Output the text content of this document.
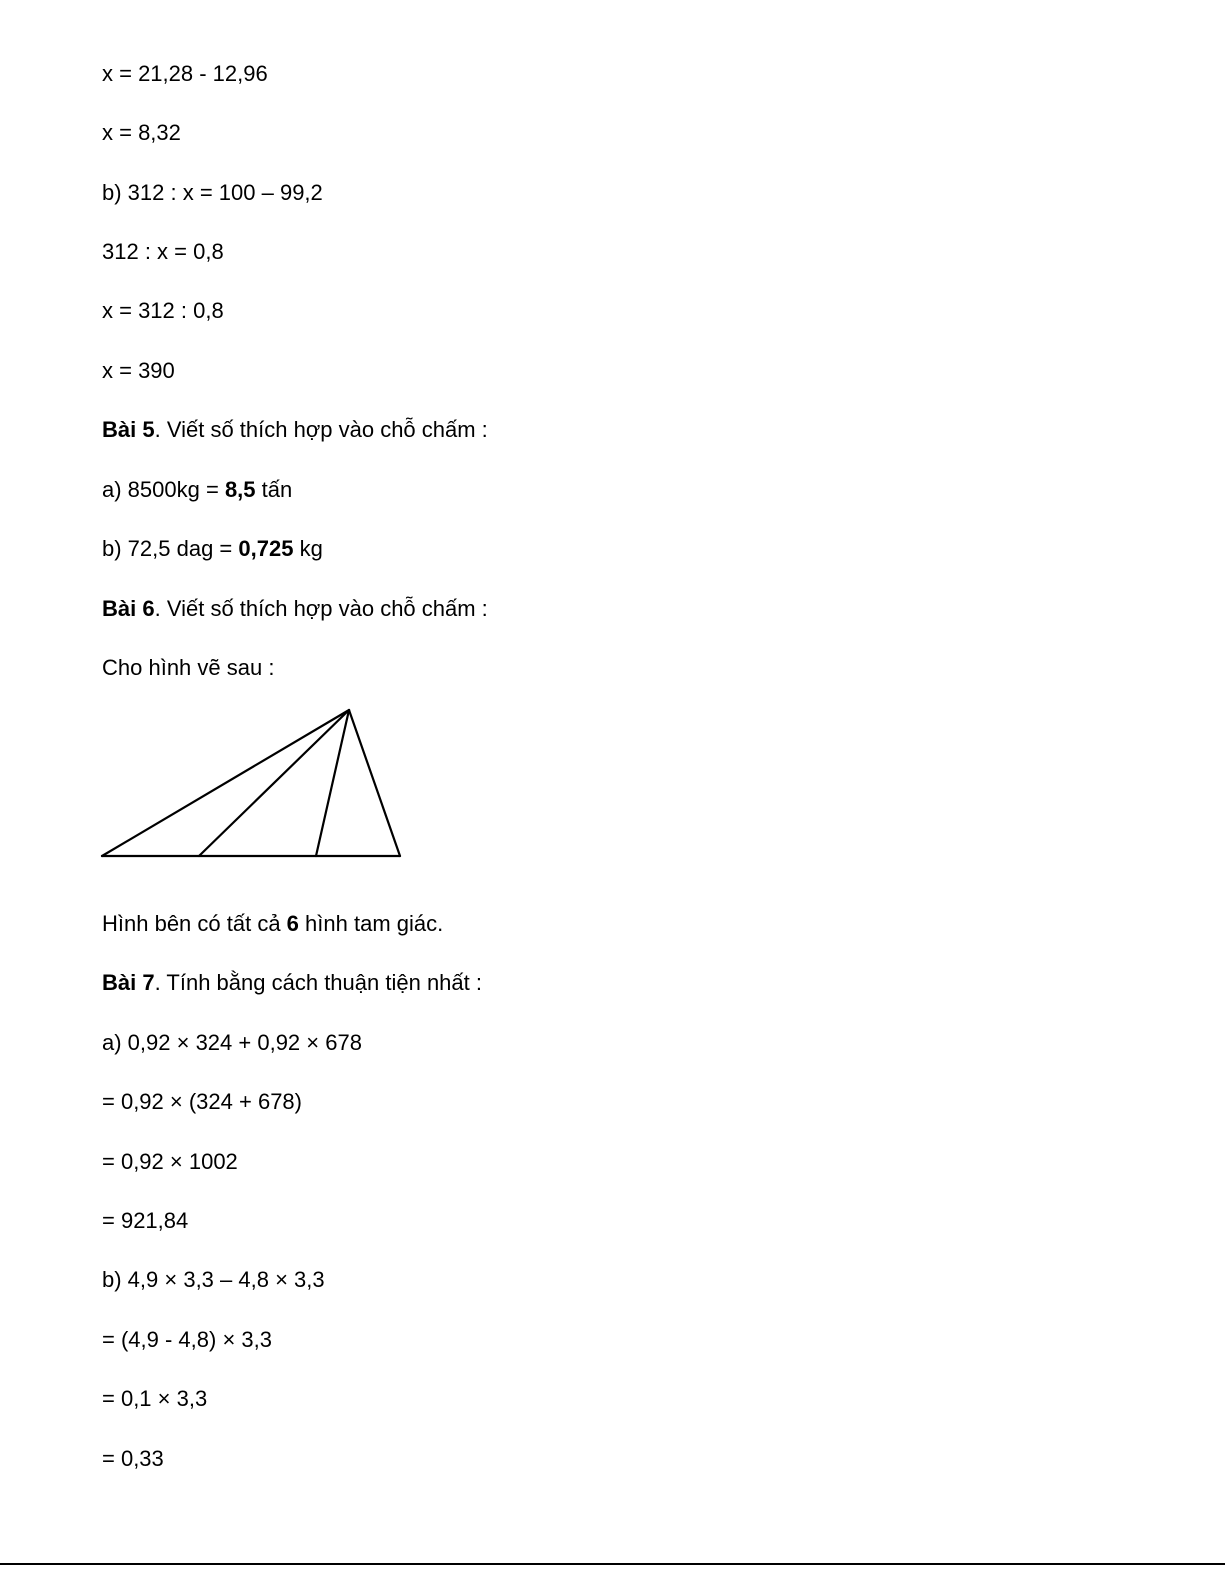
x = 21,28 - 12,96
x = 8,32
b) 312 : x = 100 – 99,2
312 : x = 0,8
x = 312 : 0,8
x = 390
Bài 5. Viết số thích hợp vào chỗ chấm :
a) 8500kg = 8,5 tấn
b) 72,5 dag = 0,725 kg
Bài 6. Viết số thích hợp vào chỗ chấm :
Cho hình vẽ sau :
Hình bên có tất cả 6 hình tam giác.
Bài 7. Tính bằng cách thuận tiện nhất :
a) 0,92 × 324 + 0,92 × 678
= 0,92 × (324 + 678)
= 0,92 × 1002
= 921,84
b) 4,9 × 3,3 – 4,8 × 3,3
= (4,9 - 4,8) × 3,3
= 0,1 × 3,3
= 0,33
